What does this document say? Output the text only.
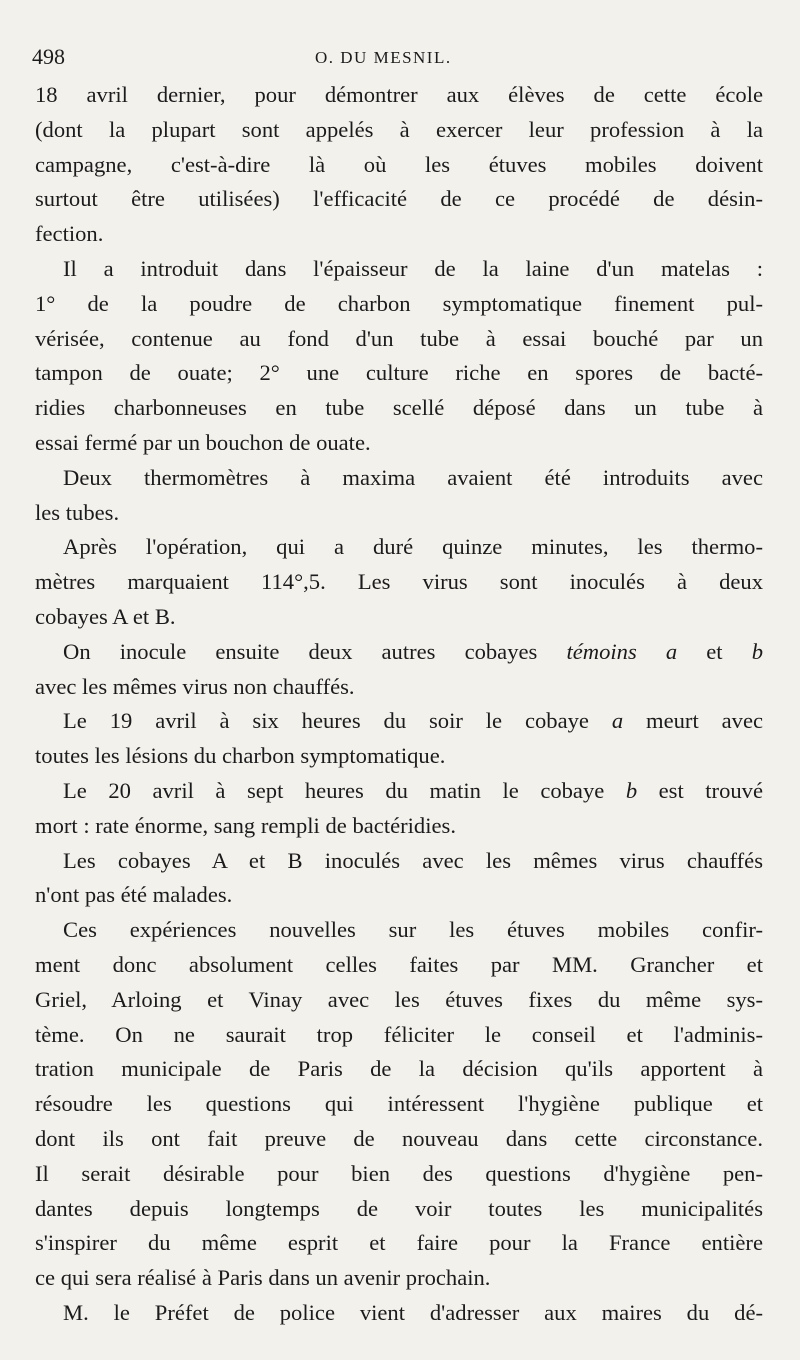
498	O. DU MESNIL.
18 avril dernier, pour démontrer aux élèves de cette école
(dont la plupart sont appelés à exercer leur profession à la
campagne, c'est-à-dire là où les étuves mobiles doivent
surtout être utilisées) l'efficacité de ce procédé de désin-
fection.
Il a introduit dans l'épaisseur de la laine d'un matelas :
1° de la poudre de charbon symptomatique finement pul-
vérisée, contenue au fond d'un tube à essai bouché par un
tampon de ouate; 2° une culture riche en spores de bacté-
ridies charbonneuses en tube scellé déposé dans un tube à
essai fermé par un bouchon de ouate.
Deux thermomètres à maxima avaient été introduits avec
les tubes.
Après l'opération, qui a duré quinze minutes, les thermo-
mètres marquaient 114°,5. Les virus sont inoculés à deux
cobayes A et B.
On inocule ensuite deux autres cobayes témoins a et b
avec les mêmes virus non chauffés.
Le 19 avril à six heures du soir le cobaye a meurt avec
toutes les lésions du charbon symptomatique.
Le 20 avril à sept heures du matin le cobaye b est trouvé
mort : rate énorme, sang rempli de bactéridies.
Les cobayes A et B inoculés avec les mêmes virus chauffés
n'ont pas été malades.
Ces expériences nouvelles sur les étuves mobiles confir-
ment donc absolument celles faites par MM. Grancher et
Griel, Arloing et Vinay avec les étuves fixes du même sys-
tème. On ne saurait trop féliciter le conseil et l'adminis-
tration municipale de Paris de la décision qu'ils apportent à
résoudre les questions qui intéressent l'hygiène publique et
dont ils ont fait preuve de nouveau dans cette circonstance.
Il serait désirable pour bien des questions d'hygiène pen-
dantes depuis longtemps de voir toutes les municipalités
s'inspirer du même esprit et faire pour la France entière
ce qui sera réalisé à Paris dans un avenir prochain.
M. le Préfet de police vient d'adresser aux maires du dé-
